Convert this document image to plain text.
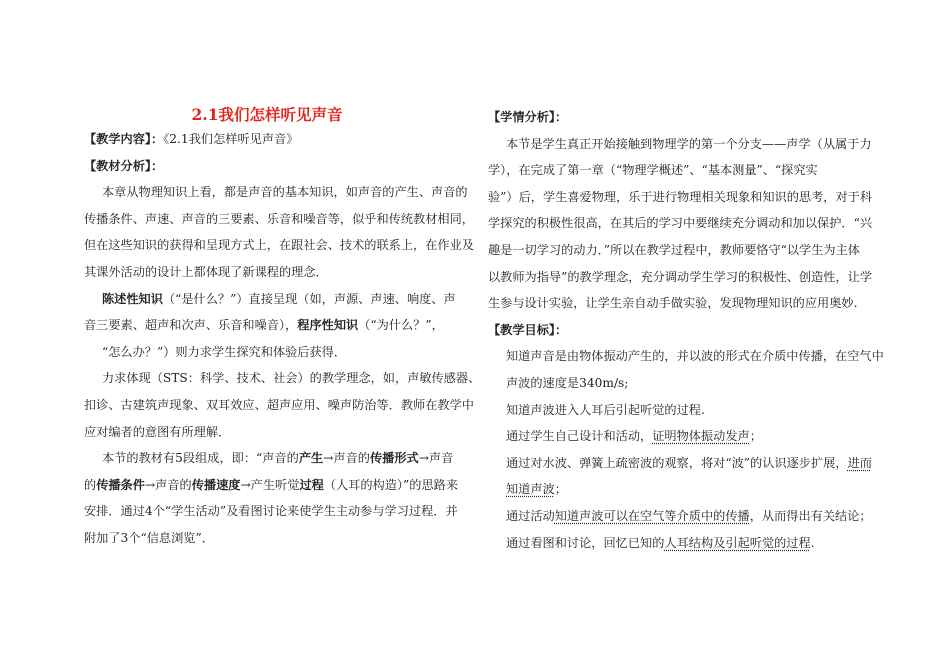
2.1我们怎样听见声音
【教学内容】：《2.1我们怎样听见声音》
【教材分析】：
本章从物理知识上看，都是声音的基本知识，如声音的产生、声音的
传播条件、声速、声音的三要素、乐音和噪音等，似乎和传统教材相同，
但在这些知识的获得和呈现方式上，在跟社会、技术的联系上，在作业及
其课外活动的设计上都体现了新课程的理念．
陈述性知识（“是什么？”）直接呈现（如，声源、声速、响度、声
音三要素、超声和次声、乐音和噪音），程序性知识（“为什么？”，
“怎么办？”）则力求学生探究和体验后获得．
力求体现（STS：科学、技术、社会）的教学理念，如，声敏传感器、
扣诊、古建筑声现象、双耳效应、超声应用、噪声防治等．教师在教学中
应对编者的意图有所理解．
本节的教材有5段组成，即：“声音的产生→声音的传播形式→声音
的传播条件→声音的传播速度→产生听觉过程（人耳的构造）”的思路来
安排．通过4个“学生活动”及看图讨论来使学生主动参与学习过程．并
附加了3个“信息浏览”．
【学情分析】：
本节是学生真正开始接触到物理学的第一个分支——声学（从属于力
学），在完成了第一章（“物理学概述”、“基本测量”、“探究实
验”）后，学生喜爱物理，乐于进行物理相关现象和知识的思考，对于科
学探究的积极性很高，在其后的学习中要继续充分调动和加以保护．“兴
趣是一切学习的动力．”所以在教学过程中，教师要恪守“以学生为主体
以教师为指导”的教学理念，充分调动学生学习的积极性、创造性，让学
生参与设计实验，让学生亲自动手做实验，发现物理知识的应用奥妙.
【教学目标】：
知道声音是由物体振动产生的，并以波的形式在介质中传播，在空气中
声波的速度是340m/s;
知道声波进入人耳后引起听觉的过程.
通过学生自己设计和活动，证明物体振动发声；
通过对水波、弹簧上疏密波的观察，将对“波”的认识逐步扩展，进而
知道声波；
通过活动知道声波可以在空气等介质中的传播，从而得出有关结论；
通过看图和讨论，回忆已知的人耳结构及引起听觉的过程.
